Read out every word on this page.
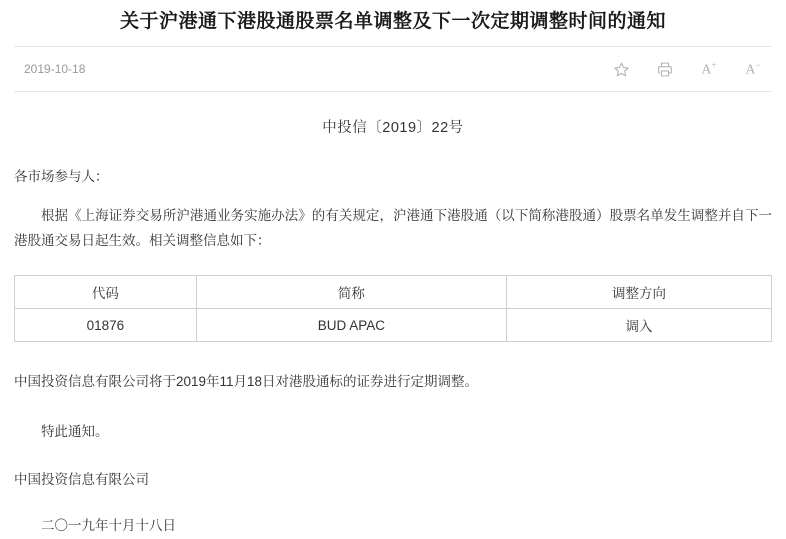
关于沪港通下港股通股票名单调整及下一次定期调整时间的通知
2019-10-18	A+ A−
中投信〔2019〕22号
各市场参与人：
根据《上海证券交易所沪港通业务实施办法》的有关规定，沪港通下港股通（以下简称港股通）股票名单发生调整并自下一港股通交易日起生效。相关调整信息如下：
代码	简称	调整方向
01876	BUD APAC	调入
中国投资信息有限公司将于2019年11月18日对港股通标的证券进行定期调整。
特此通知。
中国投资信息有限公司
二〇一九年十月十八日
